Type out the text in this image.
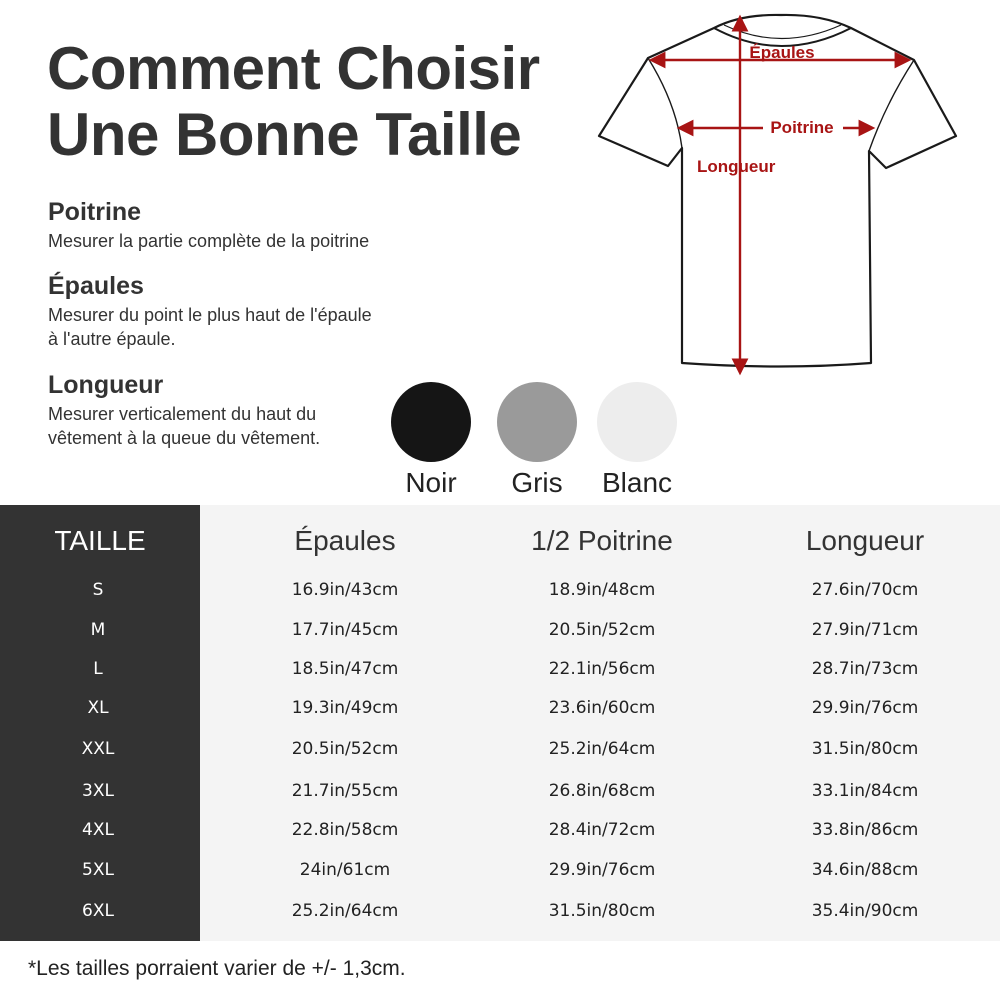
Comment Choisir
Une Bonne Taille
Poitrine
Mesurer la partie complète de la poitrine
Épaules
Mesurer du point le plus haut de l'épaule
à l'autre épaule.
Longueur
Mesurer verticalement du haut du
vêtement à la queue du vêtement.
Épaules
Poitrine
Longueur
Noir	Gris	Blanc
TAILLE	Épaules	1/2 Poitrine	Longueur
S	16.9in/43cm	18.9in/48cm	27.6in/70cm
M	17.7in/45cm	20.5in/52cm	27.9in/71cm
L	18.5in/47cm	22.1in/56cm	28.7in/73cm
XL	19.3in/49cm	23.6in/60cm	29.9in/76cm
XXL	20.5in/52cm	25.2in/64cm	31.5in/80cm
3XL	21.7in/55cm	26.8in/68cm	33.1in/84cm
4XL	22.8in/58cm	28.4in/72cm	33.8in/86cm
5XL	24in/61cm	29.9in/76cm	34.6in/88cm
6XL	25.2in/64cm	31.5in/80cm	35.4in/90cm
*Les tailles porraient varier de +/- 1,3cm.
